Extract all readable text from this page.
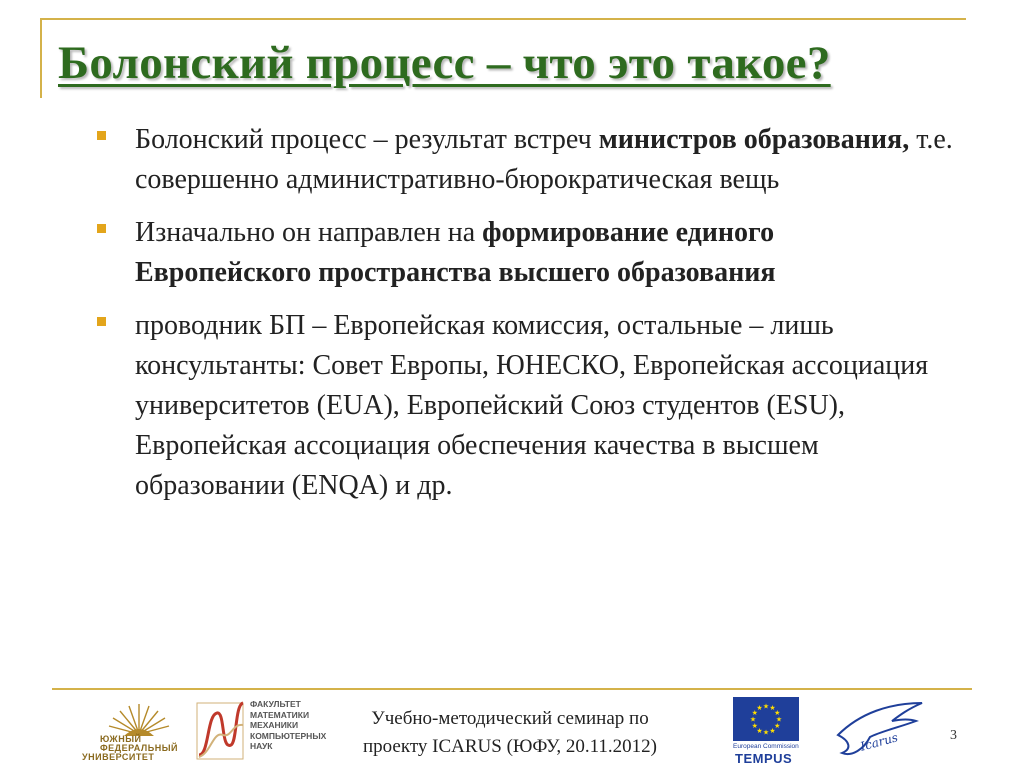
Болонский процесс – что это такое?
Болонский процесс – результат встреч министров образования, т.е. совершенно административно-бюрократическая вещь
Изначально он направлен на формирование единого Европейского пространства высшего образования
проводник БП – Европейская комиссия, остальные – лишь консультанты: Совет Европы, ЮНЕСКО, Европейская ассоциация университетов (EUA), Европейский Союз студентов (ESU), Европейская ассоциация обеспечения качества в высшем образовании (ENQA) и др.
ЮЖНЫЙ
ФЕДЕРАЛЬНЫЙ
УНИВЕРСИТЕТ
ФАКУЛЬТЕТ
МАТЕМАТИКИ
МЕХАНИКИ
КОМПЬЮТЕРНЫХ
НАУК
Учебно-методический семинар по
проекту ICARUS (ЮФУ, 20.11.2012)
★
★
★
★
★
★
★
★
★ ★ ★
★
European Commission
TEMPUS
Icarus	3
